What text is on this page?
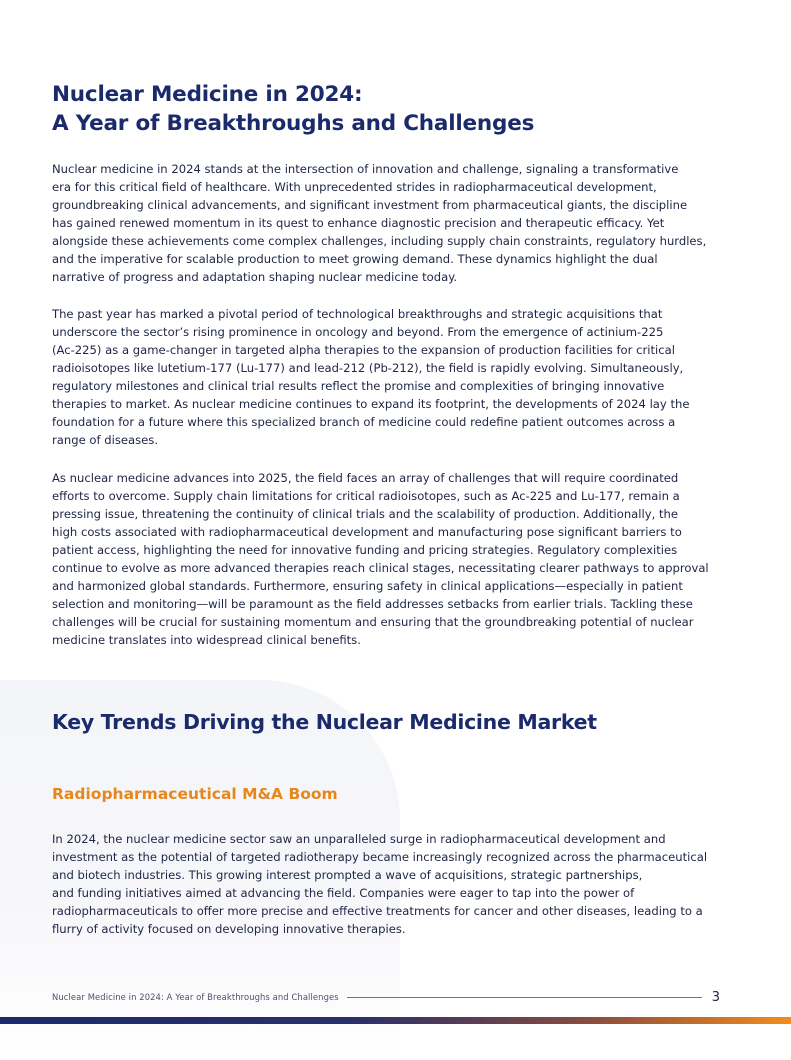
Nuclear Medicine in 2024:
A Year of Breakthroughs and Challenges

Nuclear medicine in 2024 stands at the intersection of innovation and challenge, signaling a transformative
era for this critical field of healthcare. With unprecedented strides in radiopharmaceutical development,
groundbreaking clinical advancements, and significant investment from pharmaceutical giants, the discipline
has gained renewed momentum in its quest to enhance diagnostic precision and therapeutic efficacy. Yet
alongside these achievements come complex challenges, including supply chain constraints, regulatory hurdles,
and the imperative for scalable production to meet growing demand. These dynamics highlight the dual
narrative of progress and adaptation shaping nuclear medicine today.

The past year has marked a pivotal period of technological breakthroughs and strategic acquisitions that
underscore the sector’s rising prominence in oncology and beyond. From the emergence of actinium-225
(Ac-225) as a game-changer in targeted alpha therapies to the expansion of production facilities for critical
radioisotopes like lutetium-177 (Lu-177) and lead-212 (Pb-212), the field is rapidly evolving. Simultaneously,
regulatory milestones and clinical trial results reflect the promise and complexities of bringing innovative
therapies to market. As nuclear medicine continues to expand its footprint, the developments of 2024 lay the
foundation for a future where this specialized branch of medicine could redefine patient outcomes across a
range of diseases.

As nuclear medicine advances into 2025, the field faces an array of challenges that will require coordinated
efforts to overcome. Supply chain limitations for critical radioisotopes, such as Ac-225 and Lu-177, remain a
pressing issue, threatening the continuity of clinical trials and the scalability of production. Additionally, the
high costs associated with radiopharmaceutical development and manufacturing pose significant barriers to
patient access, highlighting the need for innovative funding and pricing strategies. Regulatory complexities
continue to evolve as more advanced therapies reach clinical stages, necessitating clearer pathways to approval
and harmonized global standards. Furthermore, ensuring safety in clinical applications—especially in patient
selection and monitoring—will be paramount as the field addresses setbacks from earlier trials. Tackling these
challenges will be crucial for sustaining momentum and ensuring that the groundbreaking potential of nuclear
medicine translates into widespread clinical benefits.

Key Trends Driving the Nuclear Medicine Market
Radiopharmaceutical M&A Boom

In 2024, the nuclear medicine sector saw an unparalleled surge in radiopharmaceutical development and
investment as the potential of targeted radiotherapy became increasingly recognized across the pharmaceutical
and biotech industries. This growing interest prompted a wave of acquisitions, strategic partnerships,
and funding initiatives aimed at advancing the field. Companies were eager to tap into the power of
radiopharmaceuticals to offer more precise and effective treatments for cancer and other diseases, leading to a
flurry of activity focused on developing innovative therapies.

Nuclear Medicine in 2024: A Year of Breakthroughs and Challenges	3
